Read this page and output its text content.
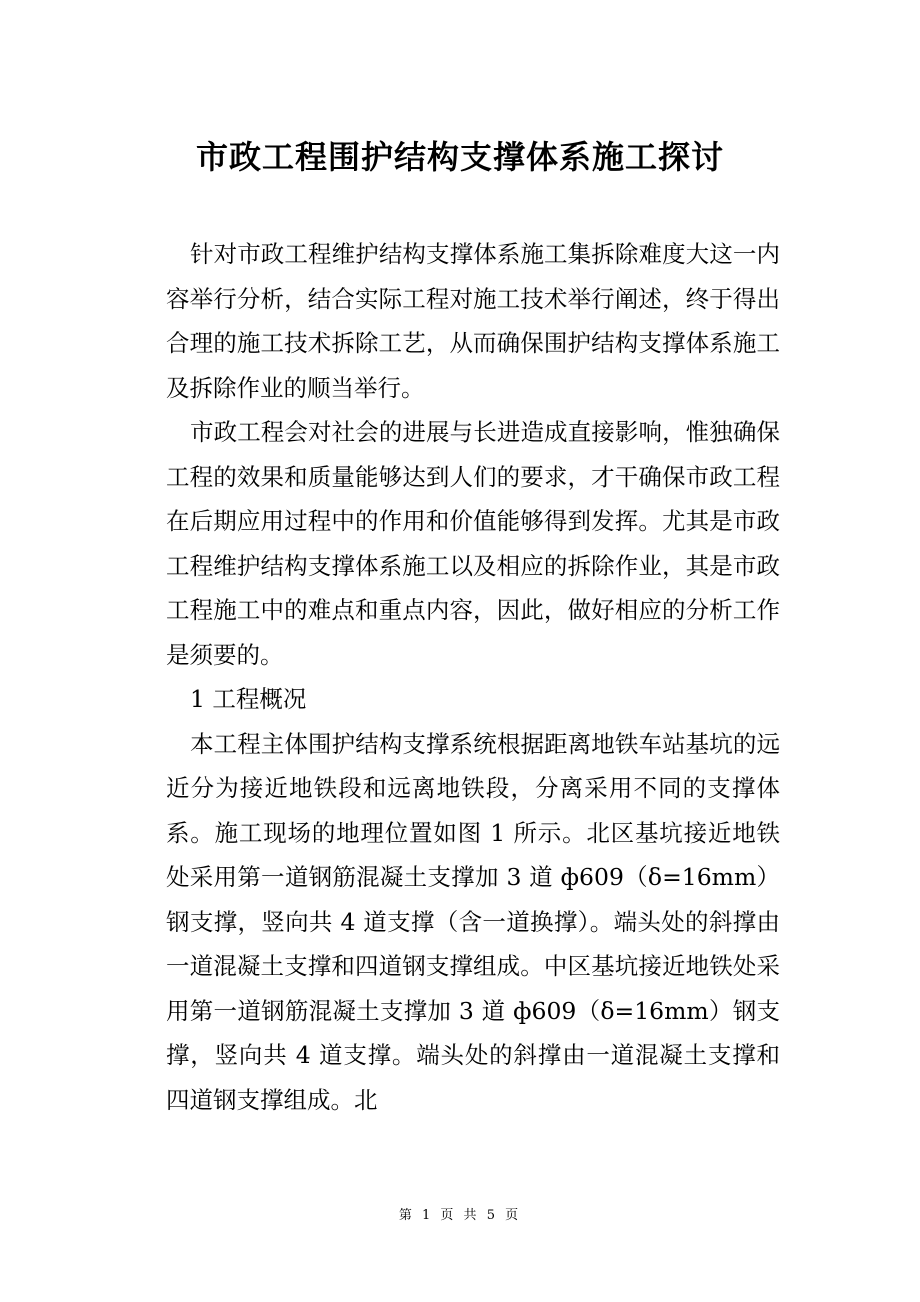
市政工程围护结构支撑体系施工探讨

针对市政工程维护结构支撑体系施工集拆除难度大这一内容举行分析，结合实际工程对施工技术举行阐述，终于得出合理的施工技术拆除工艺，从而确保围护结构支撑体系施工及拆除作业的顺当举行。

市政工程会对社会的进展与长进造成直接影响，惟独确保工程的效果和质量能够达到人们的要求，才干确保市政工程在后期应用过程中的作用和价值能够得到发挥。尤其是市政工程维护结构支撑体系施工以及相应的拆除作业，其是市政工程施工中的难点和重点内容，因此，做好相应的分析工作是须要的。

1 工程概况

本工程主体围护结构支撑系统根据距离地铁车站基坑的远近分为接近地铁段和远离地铁段，分离采用不同的支撑体系。施工现场的地理位置如图 1 所示。北区基坑接近地铁处采用第一道钢筋混凝土支撑加 3 道 ф609（δ=16mm）钢支撑，竖向共 4 道支撑（含一道换撑）。端头处的斜撑由一道混凝土支撑和四道钢支撑组成。中区基坑接近地铁处采用第一道钢筋混凝土支撑加 3 道 ф609（δ=16mm）钢支撑，竖向共 4 道支撑。端头处的斜撑由一道混凝土支撑和四道钢支撑组成。北

第 1 页 共 5 页
